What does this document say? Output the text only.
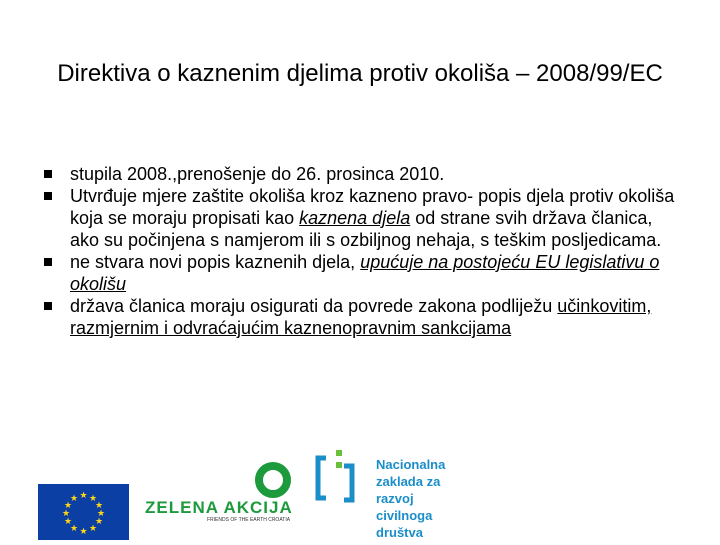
Direktiva o kaznenim djelima protiv okoliša – 2008/99/EC
stupila 2008.,prenošenje do 26. prosinca 2010.
Utvrđuje mjere zaštite okoliša kroz kazneno pravo- popis djela protiv okoliša koja se moraju propisati kao kaznena djela od strane svih država članica, ako su počinjena s namjerom ili s ozbiljnog nehaja, s teškim posljedicama.
ne stvara novi popis kaznenih djela, upućuje na postojeću EU legislativu o okolišu
država članica moraju osigurati da povrede zakona podliježu učinkovitim, razmjernim i odvraćajućim kaznenopravnim sankcijama
★ ★
★
★
★
★
★
★
★
★
★
★	ZELENA AKCIJA
FRIENDS OF THE EARTH CROATIA
Nacionalna
zaklada za
razvoj
civilnoga
društva
